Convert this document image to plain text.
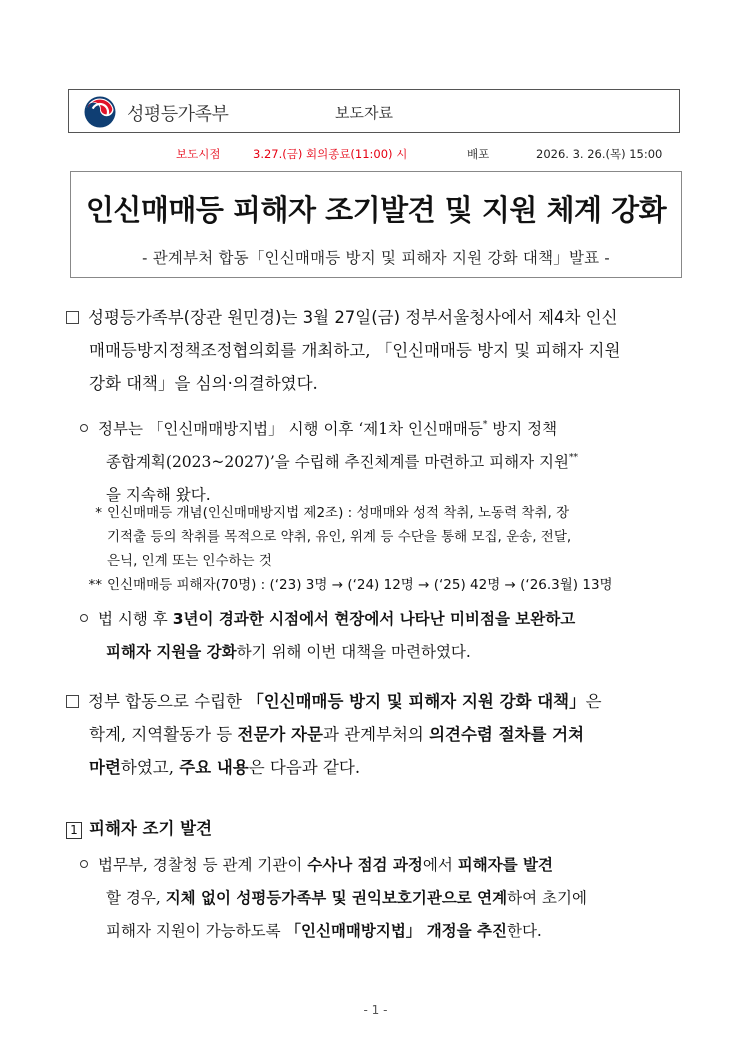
성평등가족부	보도자료
보도시점	3.27.(금) 회의종료(11:00) 시	배포	2026. 3. 26.(목) 15:00
인신매매등 피해자 조기발견 및 지원 체계 강화
- 관계부처 합동「인신매매등 방지 및 피해자 지원 강화 대책」발표 -
성평등가족부(장관 원민경)는 3월 27일(금) 정부서울청사에서 제4차 인신
매매등방지정책조정협의회를 개최하고, 「인신매매등 방지 및 피해자 지원
강화 대책」을 심의·의결하였다.
정부는 「인신매매방지법」 시행 이후 ‘제1차 인신매매등* 방지 정책
종합계획(2023~2027)’을 수립해 추진체계를 마련하고 피해자 지원**
을 지속해 왔다.
* 인신매매등 개념(인신매매방지법 제2조) : 성매매와 성적 착취, 노동력 착취, 장
기적출 등의 착취를 목적으로 약취, 유인, 위계 등 수단을 통해 모집, 운송, 전달,
은닉, 인계 또는 인수하는 것
** 인신매매등 피해자(70명) : (‘23) 3명 → (‘24) 12명 → (‘25) 42명 → (‘26.3월) 13명
법 시행 후 3년이 경과한 시점에서 현장에서 나타난 미비점을 보완하고
피해자 지원을 강화하기 위해 이번 대책을 마련하였다.
정부 합동으로 수립한 「인신매매등 방지 및 피해자 지원 강화 대책」은
학계, 지역활동가 등 전문가 자문과 관계부처의 의견수렴 절차를 거쳐
마련하였고, 주요 내용은 다음과 같다.
1 피해자 조기 발견
법무부, 경찰청 등 관계 기관이 수사나 점검 과정에서 피해자를 발견
할 경우, 지체 없이 성평등가족부 및 권익보호기관으로 연계하여 초기에
피해자 지원이 가능하도록 「인신매매방지법」 개정을 추진한다.
- 1 -
